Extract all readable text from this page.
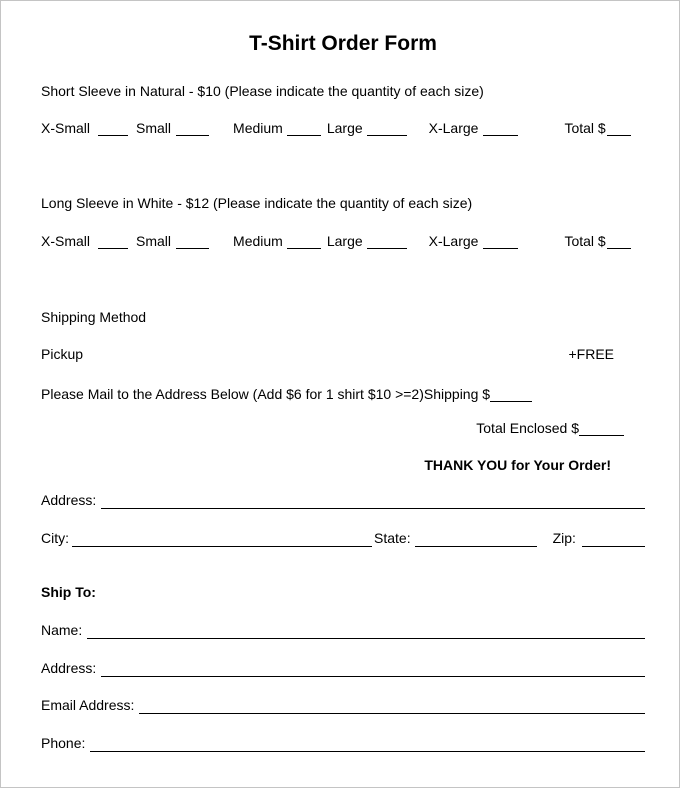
T-Shirt Order Form
Short Sleeve in Natural - $10 (Please indicate the quantity of each size)
X-Small	Small	Medium	Large	X-Large	Total $
Long Sleeve in White - $12 (Please indicate the quantity of each size)
X-Small	Small	Medium	Large	X-Large	Total $
Shipping Method
Pickup	+FREE
Please Mail to the Address Below (Add $6 for 1 shirt $10 >=2)Shipping $
Total Enclosed $
THANK YOU for Your Order!
Address:
City:	State:	Zip:
Ship To:
Name:
Address:
Email Address:
Phone:
